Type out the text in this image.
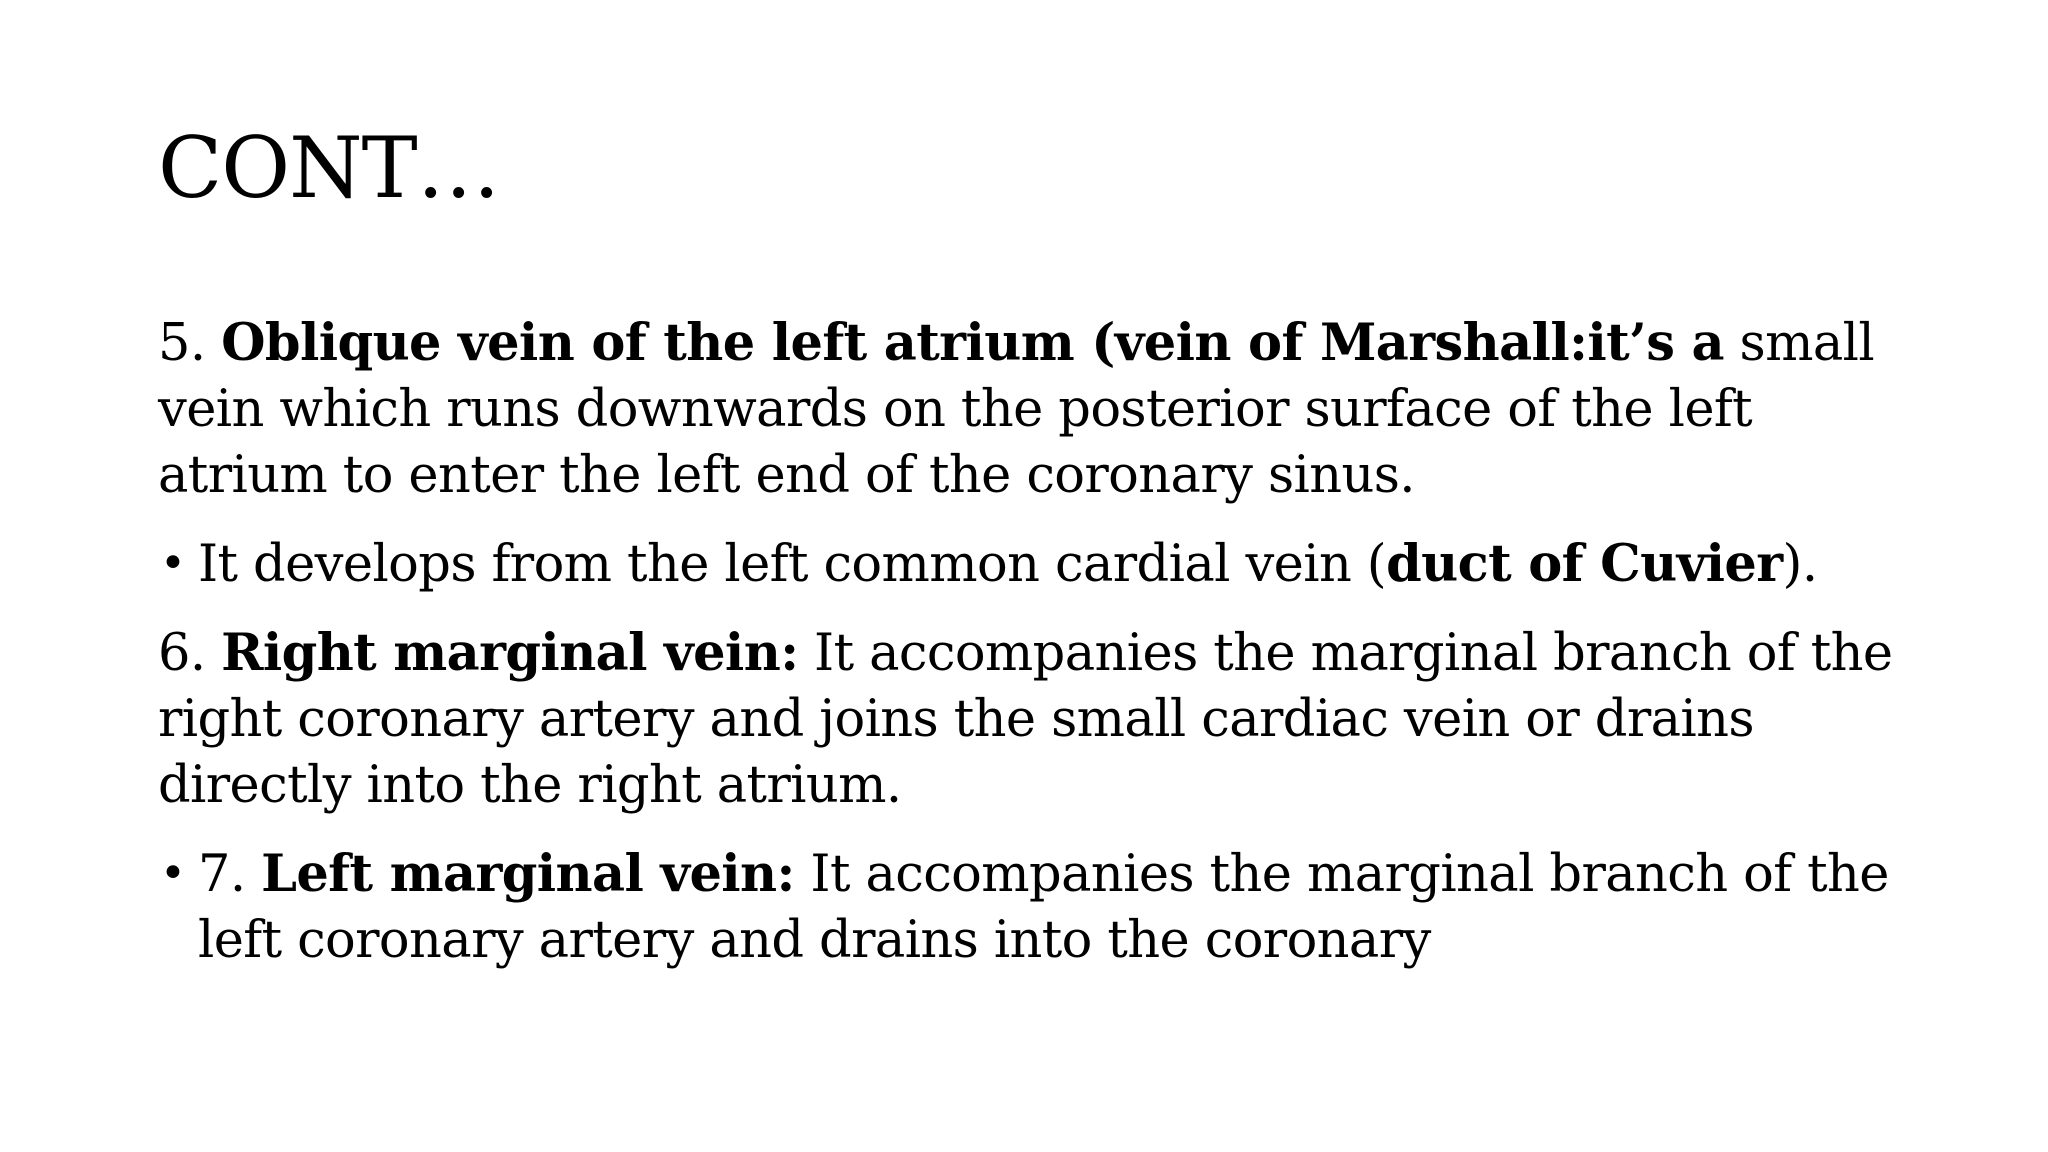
CONT…

5. Oblique vein of the left atrium (vein of Marshall:it’s a small vein which runs downwards on the posterior surface of the left atrium to enter the left end of the coronary sinus.

• It develops from the left common cardial vein (duct of Cuvier).

6. Right marginal vein: It accompanies the marginal branch of the right coronary artery and joins the small cardiac vein or drains directly into the right atrium.

• 7. Left marginal vein: It accompanies the marginal branch of the left coronary artery and drains into the coronary
